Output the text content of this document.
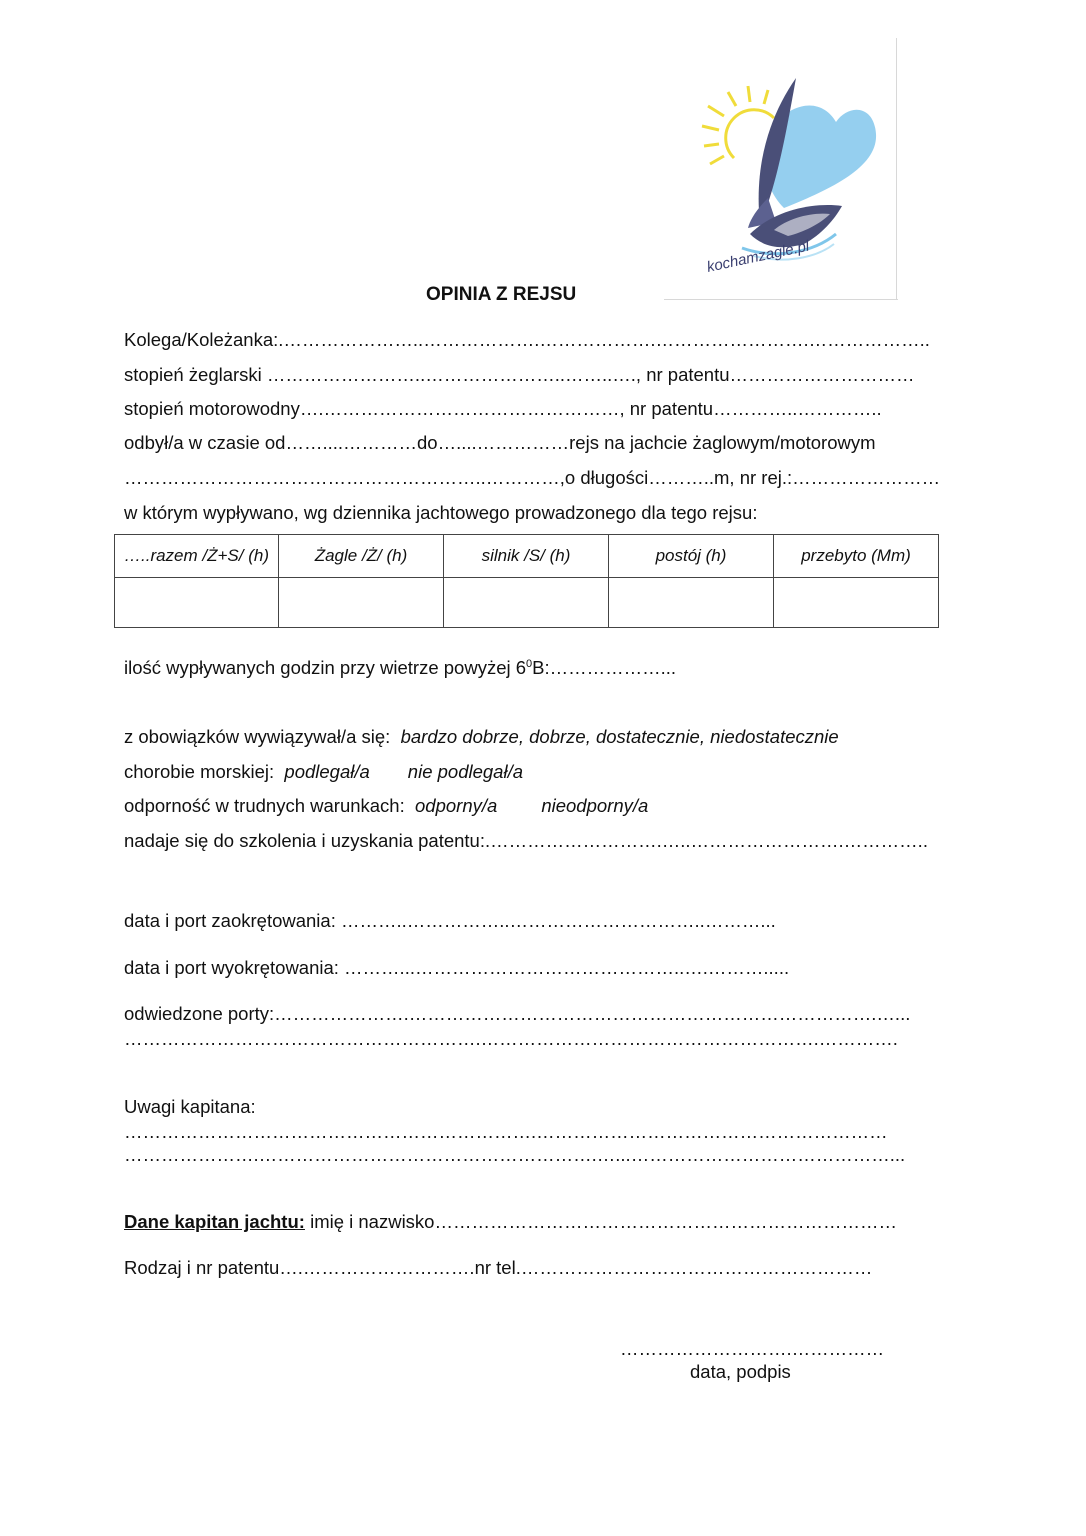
kochamzagle.pl
OPINIA Z REJSU
Kolega/Koleżanka:.…………………..……………….……………….…………………….………………..
stopień żeglarski ……………………..…………………..……..…., nr patentu…………………………
stopień motorowodny….…………………………………………, nr patentu…………..…………..
odbył/a w czasie od……....…………do…....……………rejs na jachcie żaglowym/motorowym
…………………………………………………..…………,o długości………..m, nr rej.:……………………
w którym wypływano, wg dziennika jachtowego prowadzonego dla tego rejsu:
…..razem /Ż+S/ (h)	Żagle /Ż/ (h)	silnik /S/ (h)	postój (h)	przebyto (Mm)

ilość wypływanych godzin przy wietrze powyżej $6^0B:\dots\dots\dots\dots\dots\dots$...
z obowiązków wywiązywał/a się: bardzo dobrze, dobrze, dostatecznie, niedostatecznie
chorobie morskiej: podlegał/a nie podlegał/a
odporność w trudnych warunkach: odporny/a nieodporny/a
nadaje się do szkolenia i uzyskania patentu:.……………………….…..…………………….…………..
data i port zaokrętowania: ………..……………..…………………………..………...
data i port wyokrętowania: ………...……………………………………..….……….....
odwiedzone porty:………………….………………………………………………………………….…...
………………………………………………….……………………………………………….………….
Uwagi kapitana:
………………………………………………………….…………………………………………………
………………….……………………………………………….…...……………………………………...
Dane kapitan jachtu: imię i nazwisko…………………………………………………………………
Rodzaj i nr patentu….……………………….nr tel.…………………………………………………
……………………….……………
data, podpis
